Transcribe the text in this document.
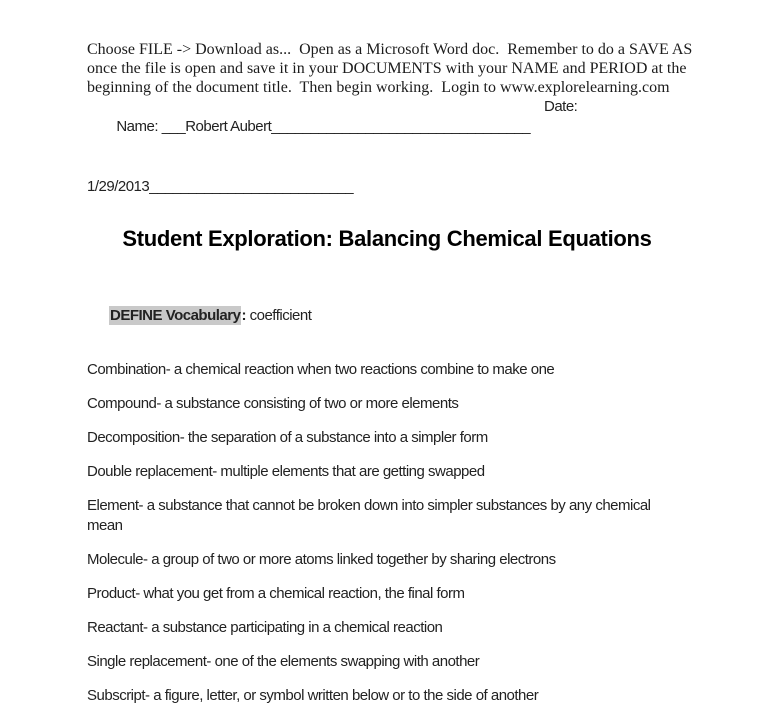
Choose FILE -> Download as...  Open as a Microsoft Word doc.  Remember to do a SAVE AS
once the file is open and save it in your DOCUMENTS with your NAME and PERIOD at the
beginning of the document title.  Then begin working.  Login to www.explorelearning.com

Name: ___Robert Aubert_________________________________

Date:

1/29/2013__________________________
Student Exploration: Balancing Chemical Equations

DEFINE Vocabulary: coefficient

Combination- a chemical reaction when two reactions combine to make one
Compound- a substance consisting of two or more elements
Decomposition- the separation of a substance into a simpler form
Double replacement- multiple elements that are getting swapped
Element- a substance that cannot be broken down into simpler substances by any chemical
mean
Molecule- a group of two or more atoms linked together by sharing electrons
Product- what you get from a chemical reaction, the final form
Reactant- a substance participating in a chemical reaction
Single replacement- one of the elements swapping with another
Subscript- a figure, letter, or symbol written below or to the side of another
